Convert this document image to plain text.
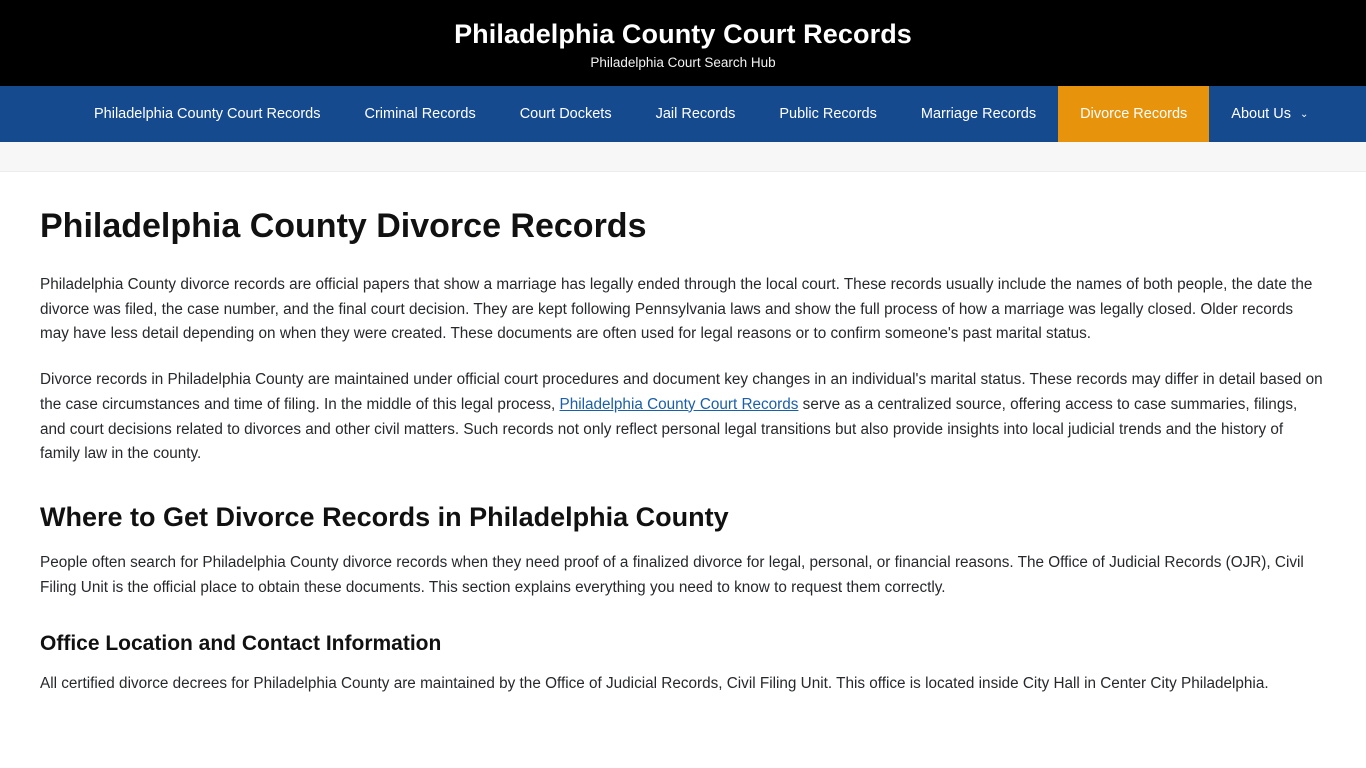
Philadelphia County Court Records

Philadelphia Court Search Hub

Philadelphia County Court Records	Criminal Records	Court Dockets	Jail Records	Public Records	Marriage Records	Divorce Records	About Us ⌄
Philadelphia County Divorce Records

Philadelphia County divorce records are official papers that show a marriage has legally ended through the local court. These records usually include the names of both people, the date the divorce was filed, the case number, and the final court decision. They are kept following Pennsylvania laws and show the full process of how a marriage was legally closed. Older records may have less detail depending on when they were created. These documents are often used for legal reasons or to confirm someone's past marital status.

Divorce records in Philadelphia County are maintained under official court procedures and document key changes in an individual's marital status. These records may differ in detail based on the case circumstances and time of filing. In the middle of this legal process, Philadelphia County Court Records serve as a centralized source, offering access to case summaries, filings, and court decisions related to divorces and other civil matters. Such records not only reflect personal legal transitions but also provide insights into local judicial trends and the history of family law in the county.

Where to Get Divorce Records in Philadelphia County

People often search for Philadelphia County divorce records when they need proof of a finalized divorce for legal, personal, or financial reasons. The Office of Judicial Records (OJR), Civil Filing Unit is the official place to obtain these documents. This section explains everything you need to know to request them correctly.

Office Location and Contact Information

All certified divorce decrees for Philadelphia County are maintained by the Office of Judicial Records, Civil Filing Unit. This office is located inside City Hall in Center City Philadelphia.
